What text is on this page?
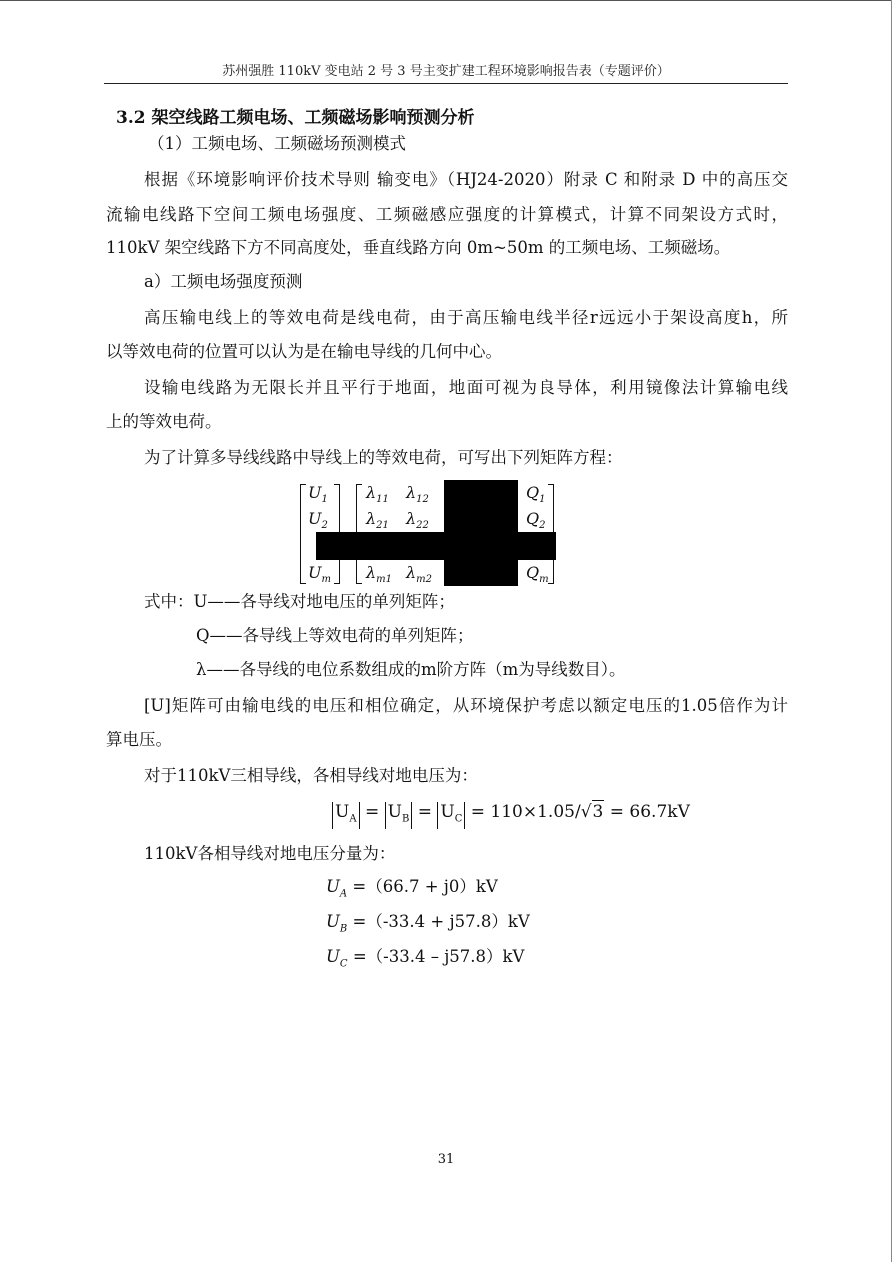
苏州强胜 110kV 变电站 2 号 3 号主变扩建工程环境影响报告表（专题评价）
3.2 架空线路工频电场、工频磁场影响预测分析
（1）工频电场、工频磁场预测模式
根据《环境影响评价技术导则 输变电》（HJ24-2020）附录 C 和附录 D 中的高压交
流输电线路下空间工频电场强度、工频磁感应强度的计算模式，计算不同架设方式时，
110kV 架空线路下方不同高度处，垂直线路方向 0m~50m 的工频电场、工频磁场。
a）工频电场强度预测
高压输电线上的等效电荷是线电荷，由于高压输电线半径r远远小于架设高度h，所
以等效电荷的位置可以认为是在输电导线的几何中心。
设输电线路为无限长并且平行于地面，地面可视为良导体，利用镜像法计算输电线
上的等效电荷。
为了计算多导线线路中导线上的等效电荷，可写出下列矩阵方程：
$U_1$
$U_2$
$U_m$
$\lambda_{11}$ $\lambda_{12}$
$\lambda_{21}$ $\lambda_{22}$
$\lambda_{m1}$ $\lambda_{m2}$
$Q_1$
$Q_2$
$Q_m$
式中：U——各导线对地电压的单列矩阵；
Q——各导线上等效电荷的单列矩阵；
λ——各导线的电位系数组成的m阶方阵（m为导线数目）。
[U]矩阵可由输电线的电压和相位确定，从环境保护考虑以额定电压的1.05倍作为计
算电压。
对于110kV三相导线，各相导线对地电压为：
$U_A = U_B = U_C = 110\times 1.05/√3 = 66.7kV$
110kV各相导线对地电压分量为：
$U_A =(66.7 + j0)kV$
$U_B =(-33.4 + j57.8)kV$
$U_C =(-33.4 - j57.8)kV$
31
